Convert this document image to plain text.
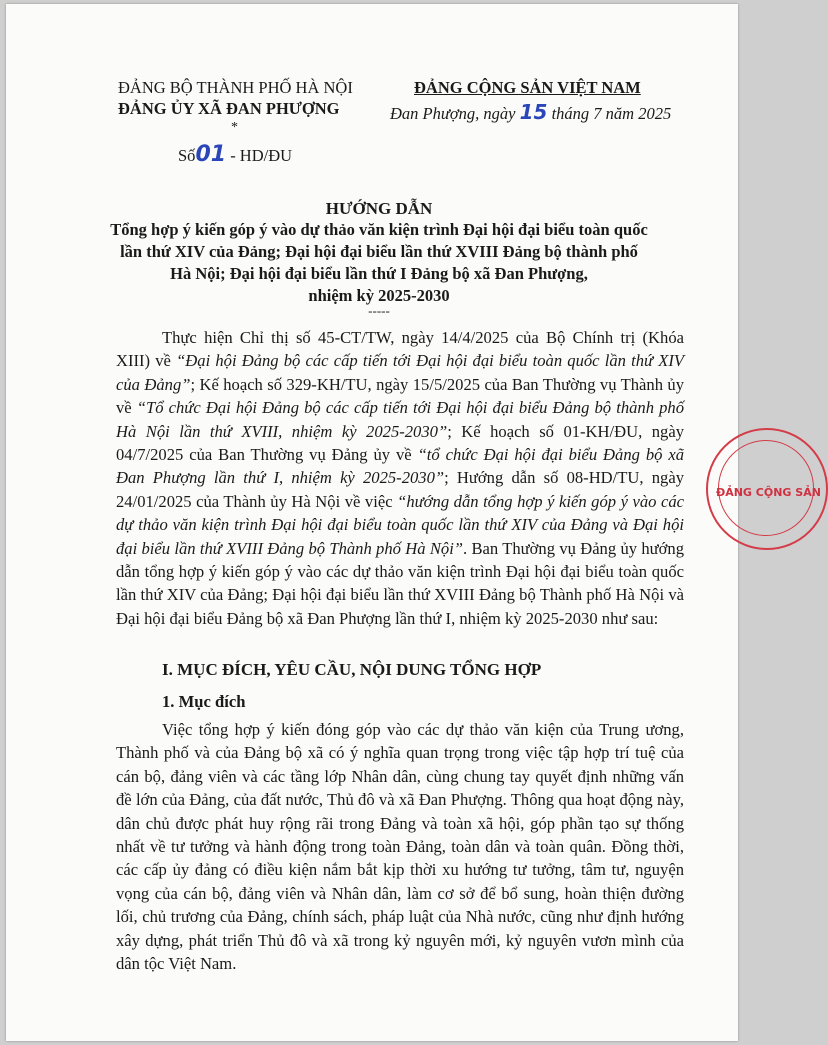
ĐẢNG BỘ THÀNH PHỐ HÀ NỘI
ĐẢNG ỦY XÃ ĐAN PHƯỢNG
*
Số01 - HD/ĐU
ĐẢNG CỘNG SẢN VIỆT NAM
Đan Phượng, ngày 15 tháng 7 năm 2025
HƯỚNG DẪN
Tổng hợp ý kiến góp ý vào dự thảo văn kiện trình Đại hội đại biểu toàn quốc
lần thứ XIV của Đảng; Đại hội đại biểu lần thứ XVIII Đảng bộ thành phố
Hà Nội; Đại hội đại biểu lần thứ I Đảng bộ xã Đan Phượng,
nhiệm kỳ 2025-2030
-----
Thực hiện Chỉ thị số 45-CT/TW, ngày 14/4/2025 của Bộ Chính trị (Khóa XIII) về “Đại hội Đảng bộ các cấp tiến tới Đại hội đại biểu toàn quốc lần thứ XIV của Đảng”; Kế hoạch số 329-KH/TU, ngày 15/5/2025 của Ban Thường vụ Thành ủy về “Tổ chức Đại hội Đảng bộ các cấp tiến tới Đại hội đại biểu Đảng bộ thành phố Hà Nội lần thứ XVIII, nhiệm kỳ 2025-2030”; Kế hoạch số 01-KH/ĐU, ngày 04/7/2025 của Ban Thường vụ Đảng ủy về “tổ chức Đại hội đại biểu Đảng bộ xã Đan Phượng lần thứ I, nhiệm kỳ 2025-2030”; Hướng dẫn số 08-HD/TU, ngày 24/01/2025 của Thành ủy Hà Nội về việc “hướng dẫn tổng hợp ý kiến góp ý vào các dự thảo văn kiện trình Đại hội đại biểu toàn quốc lần thứ XIV của Đảng và Đại hội đại biểu lần thứ XVIII Đảng bộ Thành phố Hà Nội”. Ban Thường vụ Đảng ủy hướng dẫn tổng hợp ý kiến góp ý vào các dự thảo văn kiện trình Đại hội đại biểu toàn quốc lần thứ XIV của Đảng; Đại hội đại biểu lần thứ XVIII Đảng bộ Thành phố Hà Nội và Đại hội đại biểu Đảng bộ xã Đan Phượng lần thứ I, nhiệm kỳ 2025-2030 như sau:
I. MỤC ĐÍCH, YÊU CẦU, NỘI DUNG TỔNG HỢP
1. Mục đích
Việc tổng hợp ý kiến đóng góp vào các dự thảo văn kiện của Trung ương, Thành phố và của Đảng bộ xã có ý nghĩa quan trọng trong việc tập hợp trí tuệ của cán bộ, đảng viên và các tầng lớp Nhân dân, cùng chung tay quyết định những vấn đề lớn của Đảng, của đất nước, Thủ đô và xã Đan Phượng. Thông qua hoạt động này, dân chủ được phát huy rộng rãi trong Đảng và toàn xã hội, góp phần tạo sự thống nhất về tư tưởng và hành động trong toàn Đảng, toàn dân và toàn quân. Đồng thời, các cấp ủy đảng có điều kiện nắm bắt kịp thời xu hướng tư tưởng, tâm tư, nguyện vọng của cán bộ, đảng viên và Nhân dân, làm cơ sở để bổ sung, hoàn thiện đường lối, chủ trương của Đảng, chính sách, pháp luật của Nhà nước, cũng như định hướng xây dựng, phát triển Thủ đô và xã trong kỷ nguyên mới, kỷ nguyên vươn mình của dân tộc Việt Nam.
ĐẢNG CỘNG SẢN
